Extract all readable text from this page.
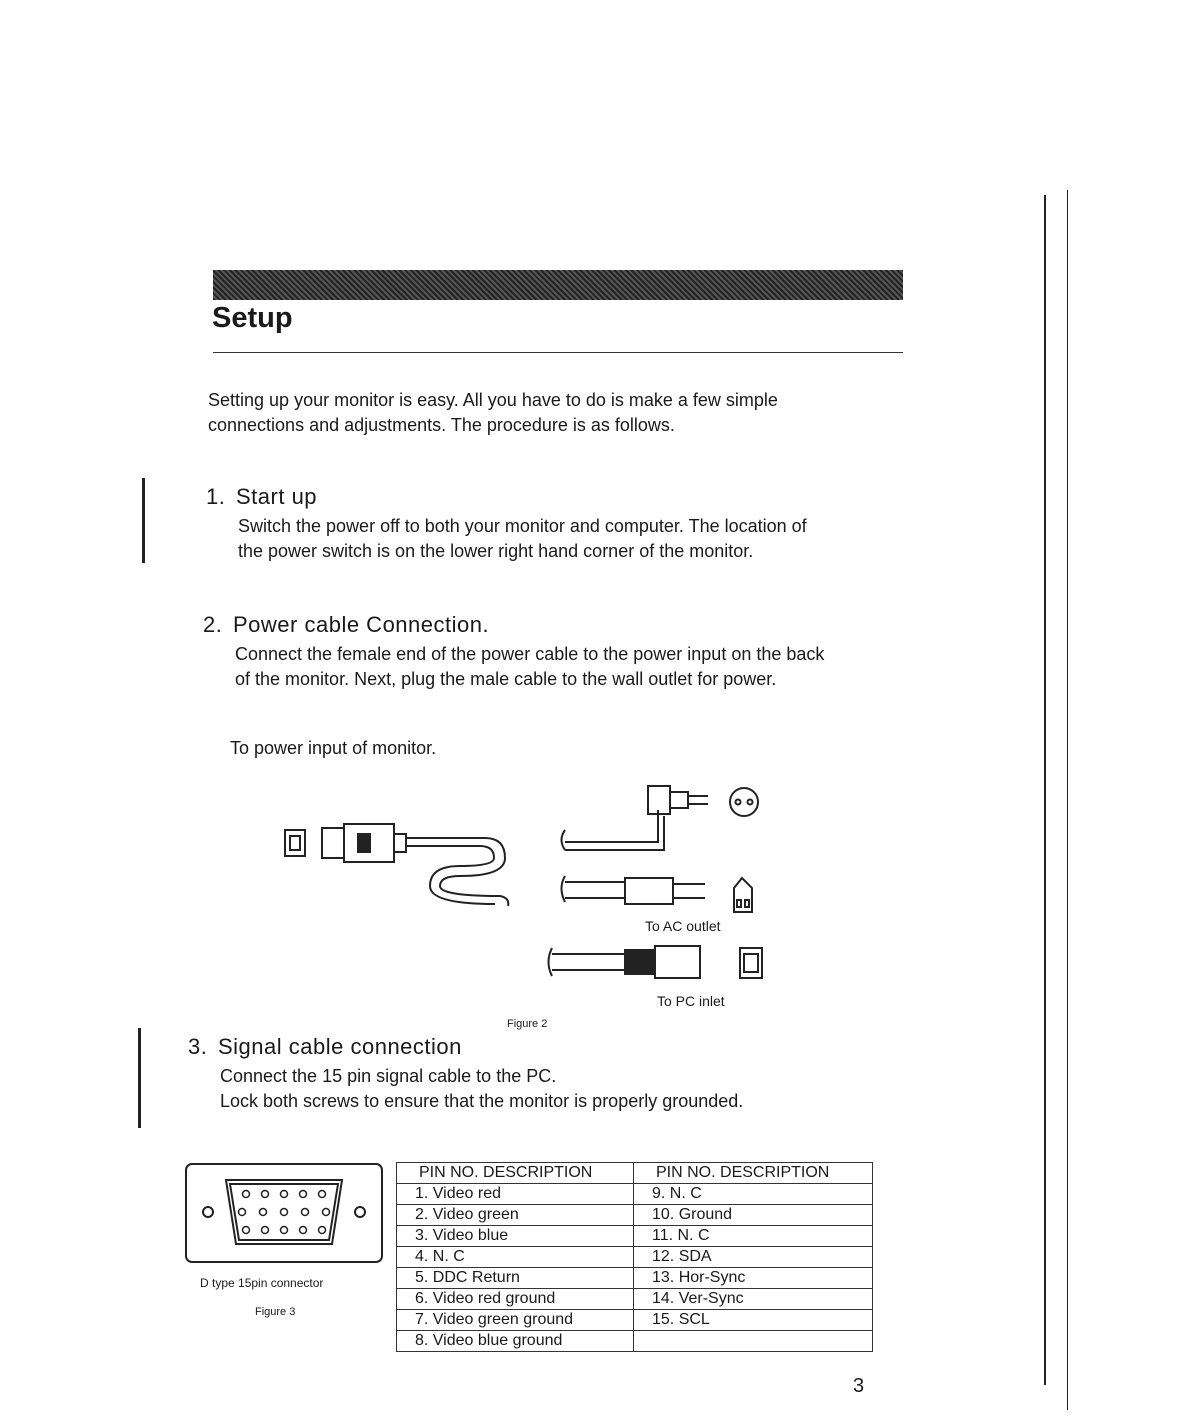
Setup

Setting up your monitor is easy. All you have to do is make a few simple connections and adjustments. The procedure is as follows.

1. Start up

Switch the power off to both your monitor and computer. The location of the power switch is on the lower right hand corner of the monitor.

2. Power cable Connection.

Connect the female end of the power cable to the power input on the back of the monitor. Next, plug the male cable to the wall outlet for power.

To power input of monitor.
To AC outlet
To PC inlet
Figure 2
3. Signal cable connection

Connect the 15 pin signal cable to the PC.

Lock both screws to ensure that the monitor is properly grounded.

D type 15pin connector
Figure 3
PIN NO. DESCRIPTION	PIN NO. DESCRIPTION
1. Video red	9. N. C
2. Video green	10. Ground
3. Video blue	11. N. C
4. N. C	12. SDA
5. DDC Return	13. Hor-Sync
6. Video red ground	14. Ver-Sync
7. Video green ground	15. SCL
8. Video blue ground	
3
